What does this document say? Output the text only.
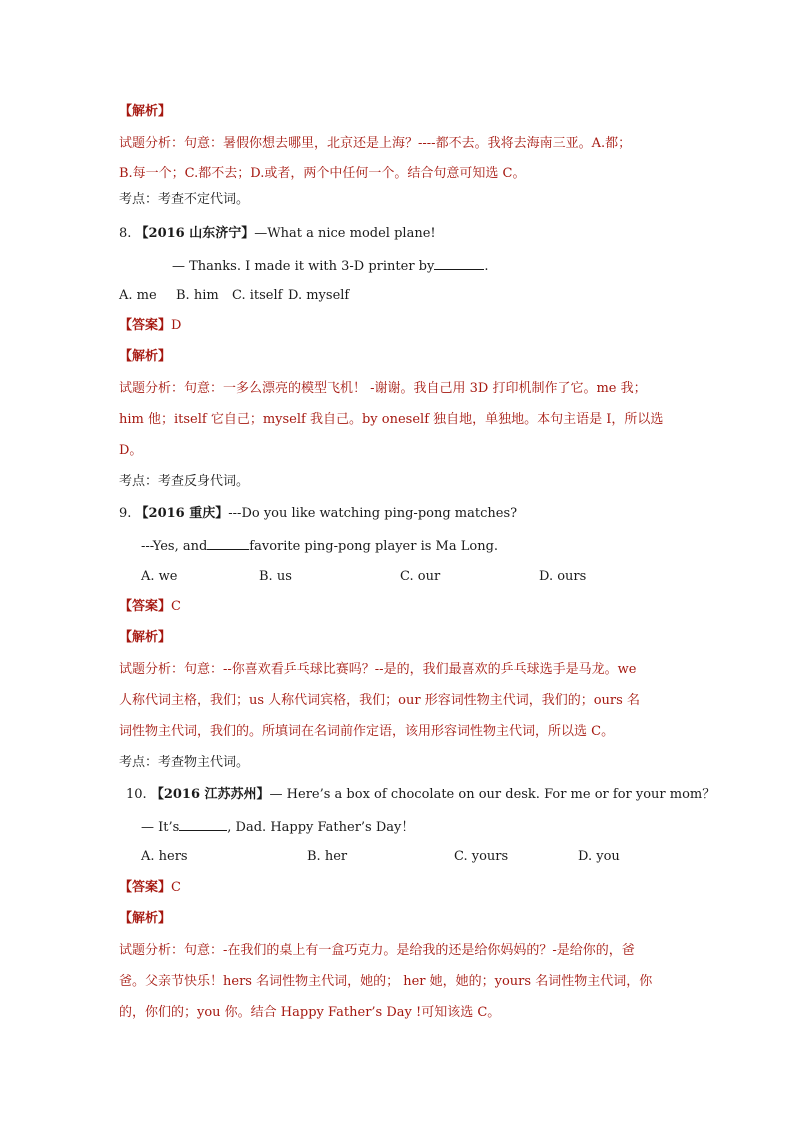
【解析】
试题分析：句意：暑假你想去哪里，北京还是上海？----都不去。我将去海南三亚。A.都；
B.每一个；C.都不去；D.或者，两个中任何一个。结合句意可知选 C。
考点：考查不定代词。
8. 【2016 山东济宁】—What a nice model plane!
— Thanks. I made it with 3-D printer by	.
A. me B. him C. itself D. myself
【答案】D
【解析】
试题分析：句意：一多么漂亮的模型飞机！ -谢谢。我自己用 3D 打印机制作了它。me 我；
him 他；itself 它自己；myself 我自己。by oneself 独自地，单独地。本句主语是 I，所以选
D。
考点：考查反身代词。
9. 【2016 重庆】---Do you like watching ping-pong matches?
---Yes, and	favorite ping-pong player is Ma Long.
A. we	B. us	C. our	D. ours
【答案】C
【解析】
试题分析：句意：--你喜欢看乒乓球比赛吗？--是的，我们最喜欢的乒乓球选手是马龙。we
人称代词主格，我们；us 人称代词宾格，我们；our 形容词性物主代词，我们的；ours 名
词性物主代词，我们的。所填词在名词前作定语，该用形容词性物主代词，所以选 C。
考点：考查物主代词。
10. 【2016 江苏苏州】— Here’s a box of chocolate on our desk. For me or for your mom？
— It’s	, Dad. Happy Father’s Day！
A. hers	B. her	C. yours	D. you
【答案】C
【解析】
试题分析：句意：-在我们的桌上有一盒巧克力。是给我的还是给你妈妈的？-是给你的，爸
爸。父亲节快乐！hers 名词性物主代词，她的； her 她，她的；yours 名词性物主代词，你
的，你们的；you 你。结合 Happy Father’s Day !可知该选 C。
